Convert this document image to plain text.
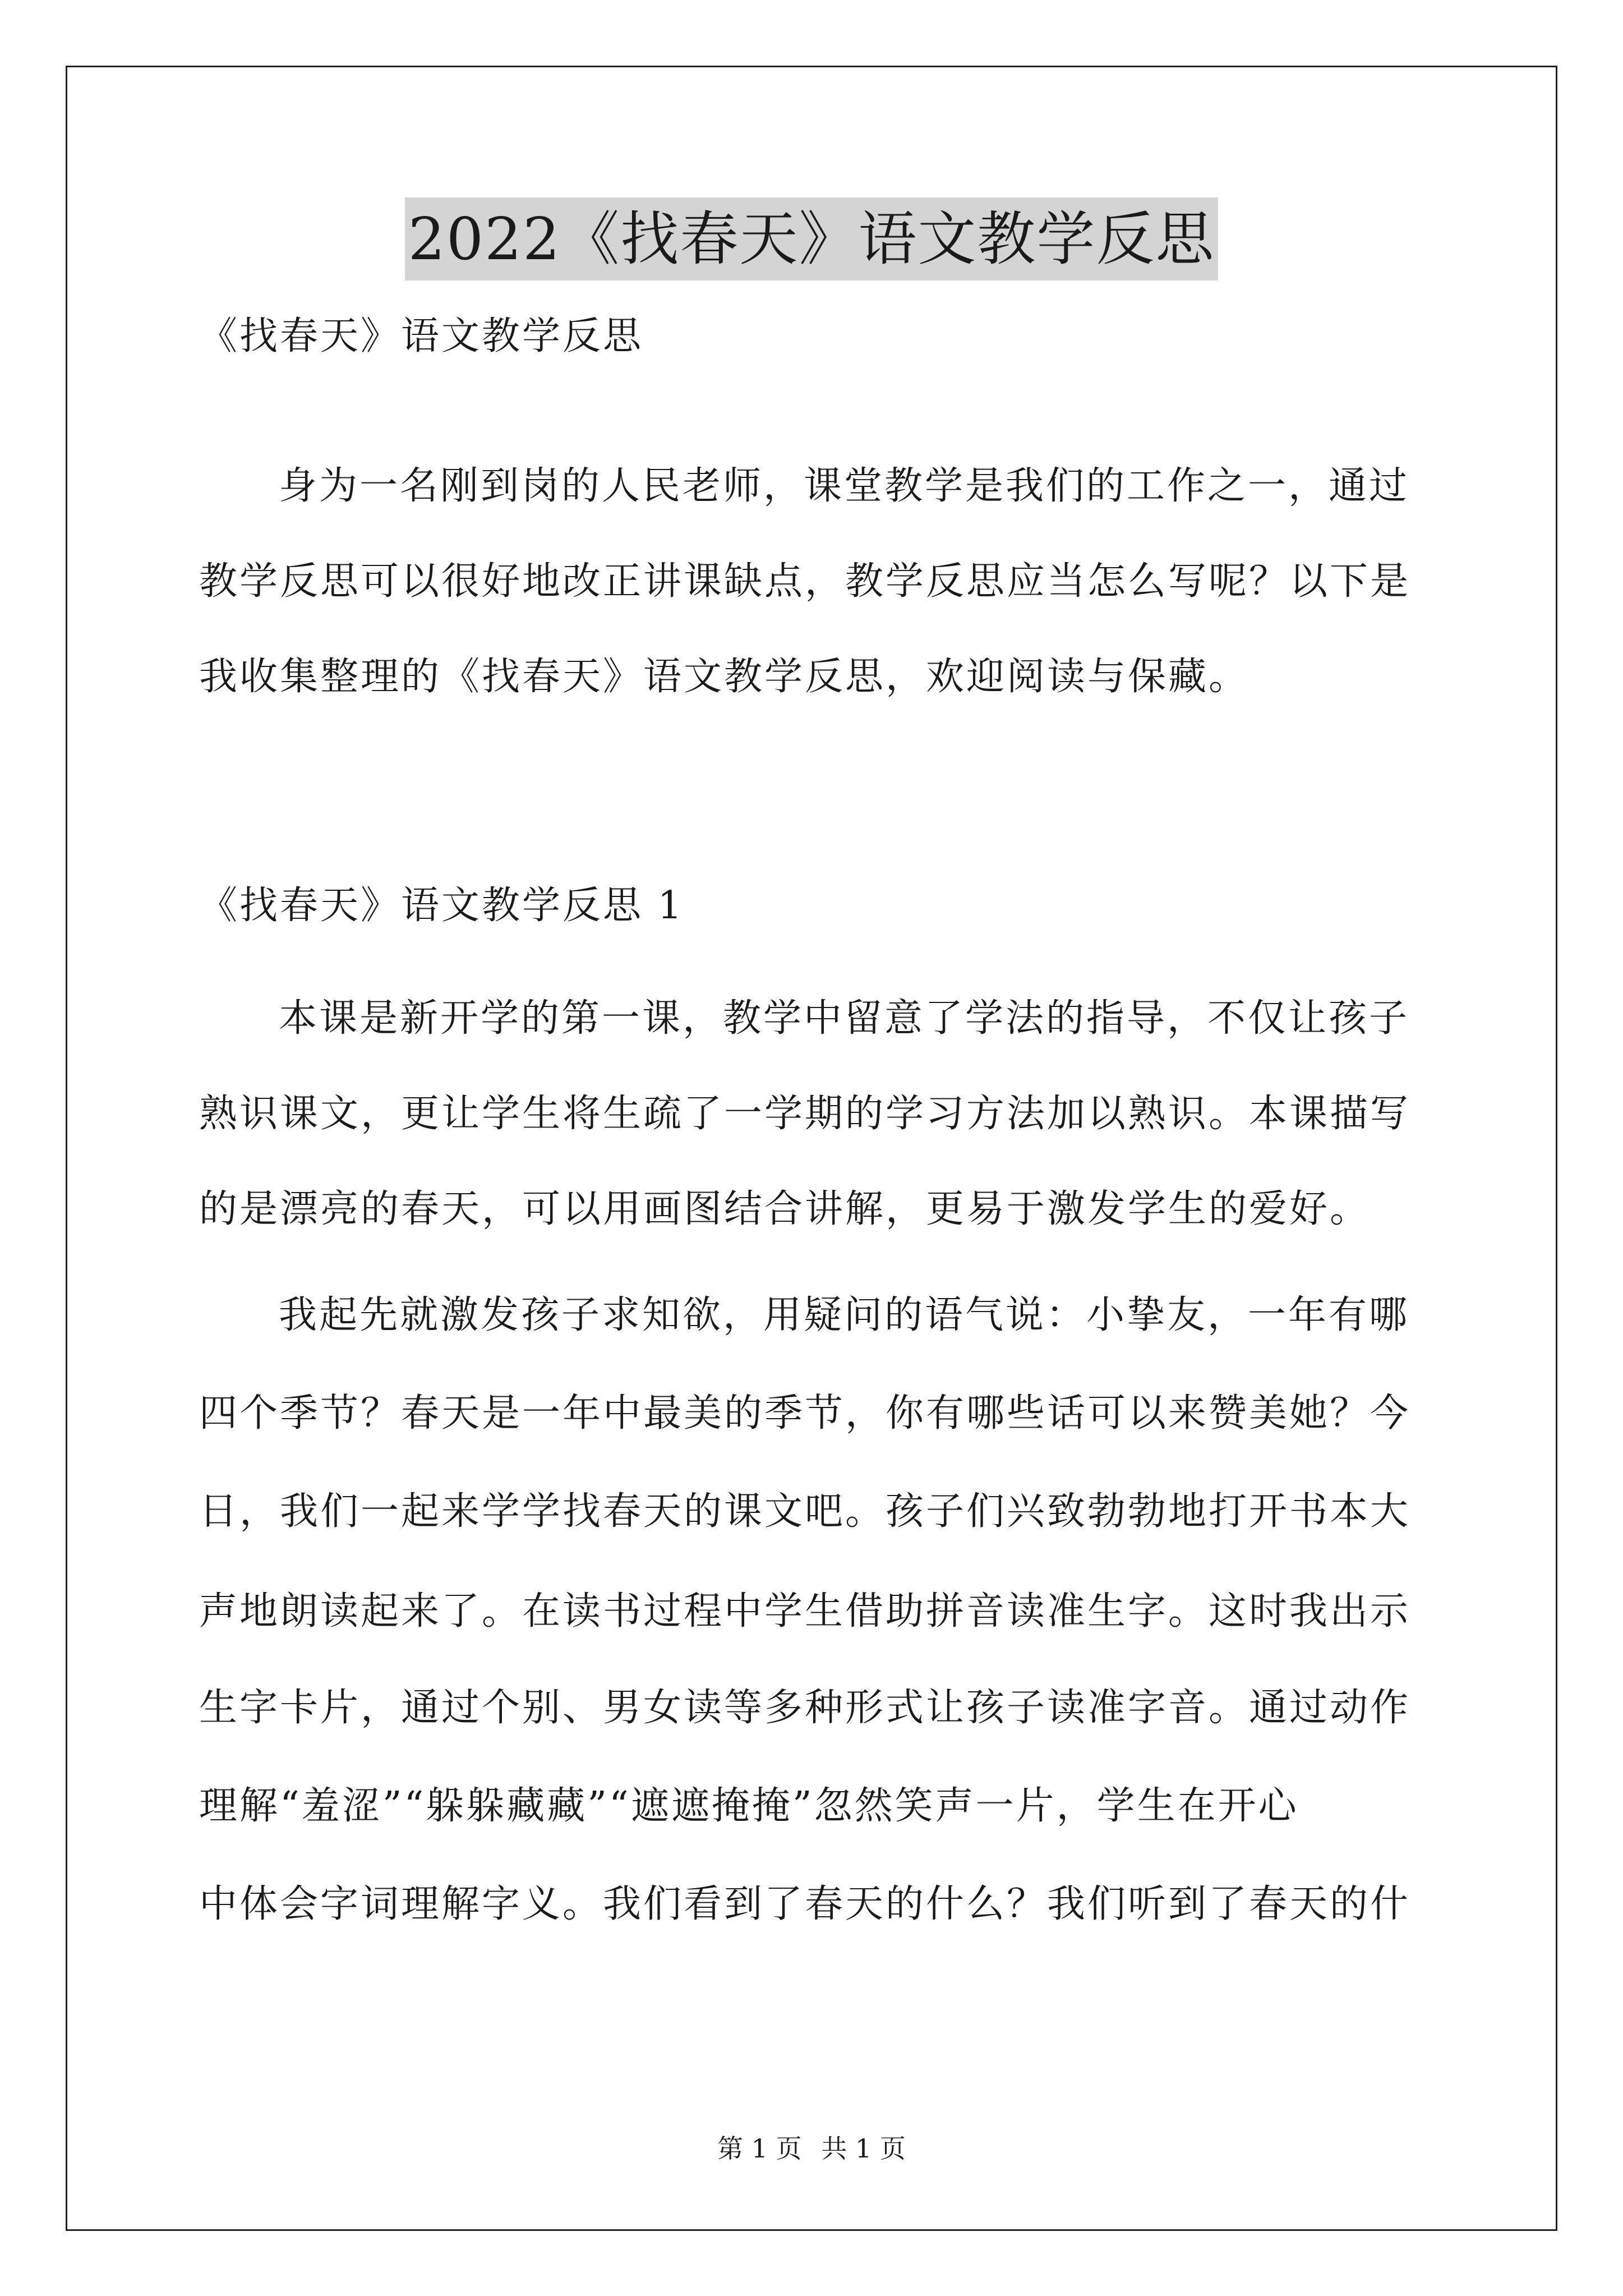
2022《找春天》语文教学反思
《找春天》语文教学反思
身为一名刚到岗的人民老师，课堂教学是我们的工作之一，通过
教学反思可以很好地改正讲课缺点，教学反思应当怎么写呢？以下是
我收集整理的《找春天》语文教学反思，欢迎阅读与保藏。
《找春天》语文教学反思 1
本课是新开学的第一课，教学中留意了学法的指导，不仅让孩子
熟识课文，更让学生将生疏了一学期的学习方法加以熟识。本课描写
的是漂亮的春天，可以用画图结合讲解，更易于激发学生的爱好。
我起先就激发孩子求知欲，用疑问的语气说：小挚友，一年有哪
四个季节？春天是一年中最美的季节，你有哪些话可以来赞美她？今
日，我们一起来学学找春天的课文吧。孩子们兴致勃勃地打开书本大
声地朗读起来了。在读书过程中学生借助拼音读准生字。这时我出示
生字卡片，通过个别、男女读等多种形式让孩子读准字音。通过动作
理解“羞涩”“躲躲藏藏”“遮遮掩掩”忽然笑声一片，学生在开心
中体会字词理解字义。我们看到了春天的什么？我们听到了春天的什
第 1 页 共 1 页
